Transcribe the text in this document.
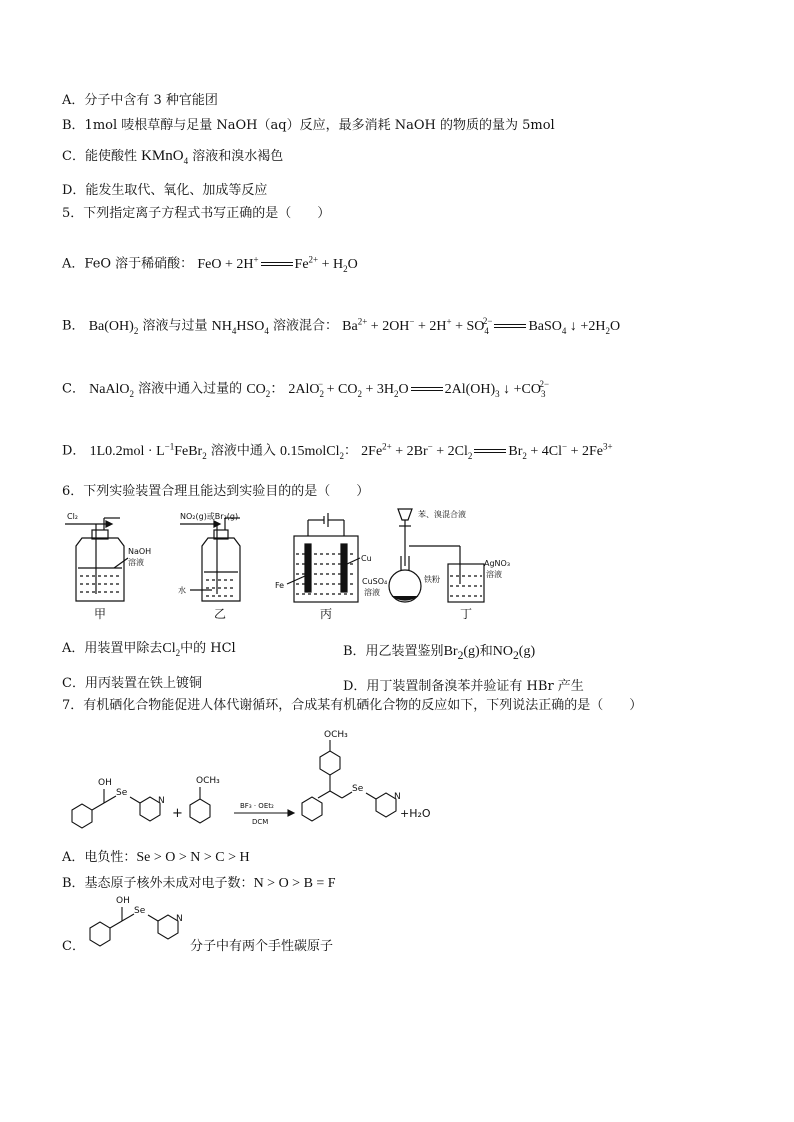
A．分子中含有 3 种官能团
B．1mol 唛根草醇与足量 NaOH（aq）反应，最多消耗 NaOH 的物质的量为 5mol
C．能使酸性 KMnO$_4$ 溶液和溴水褐色
D．能发生取代、氧化、加成等反应
5．下列指定离子方程式书写正确的是（　　）
A．FeO 溶于稀硝酸： FeO + 2H+	$Fe^{2+} + H_2O$
B． $Ba(OH)_2$ 溶液与过量 $NH_4HSO_4$ 溶液混合： $Ba^{2+} + 2OH^- + 2H^+ + SO_4^{2-}$	BaSO$_4$ ↓ $+2H_2O$
C． NaAlO$_2$ 溶液中通入过量的 $CO_2$： $2AlO_2^- + CO_2 + 3H_2O$	$2Al(OH)_3$ ↓ $+CO_3^{2-}$
D． $1L0.2mol \cdot L^{-1}FeBr_2$ 溶液中通入 0.15molCl$_2$： $2Fe^{2+} + 2Br^- + 2Cl_2$	$Br_2 + 4Cl^- + 2Fe^{3+}$
6．下列实验装置合理且能达到实验目的的是（　　）
Cl₂
NaOH
溶液
甲
NO₂(g)或Br₂(g)
水
乙
Fe
Cu
CuSO₄
溶液
丙
苯、溴混合液
铁粉
AgNO₃
溶液
丁
A．用装置甲除去$Cl_2$中的 HCl	B．用乙装置鉴别$Br_2(g)$和$NO_2(g)$
C．用丙装置在铁上镀铜	D．用丁装置制备溴苯并验证有 HBr 产生
7．有机硒化合物能促进人体代谢循环，合成某有机硒化合物的反应如下，下列说法正确的是（　　）
OH
Se
N
+
OCH₃
BF₃ · OEt₂
DCM
OCH₃
Se
N
+H₂O
A．电负性：Se > O > N > C > H
B．基态原子核外未成对电子数：N > O > B = F
C．
OH
Se
N
分子中有两个手性碳原子
